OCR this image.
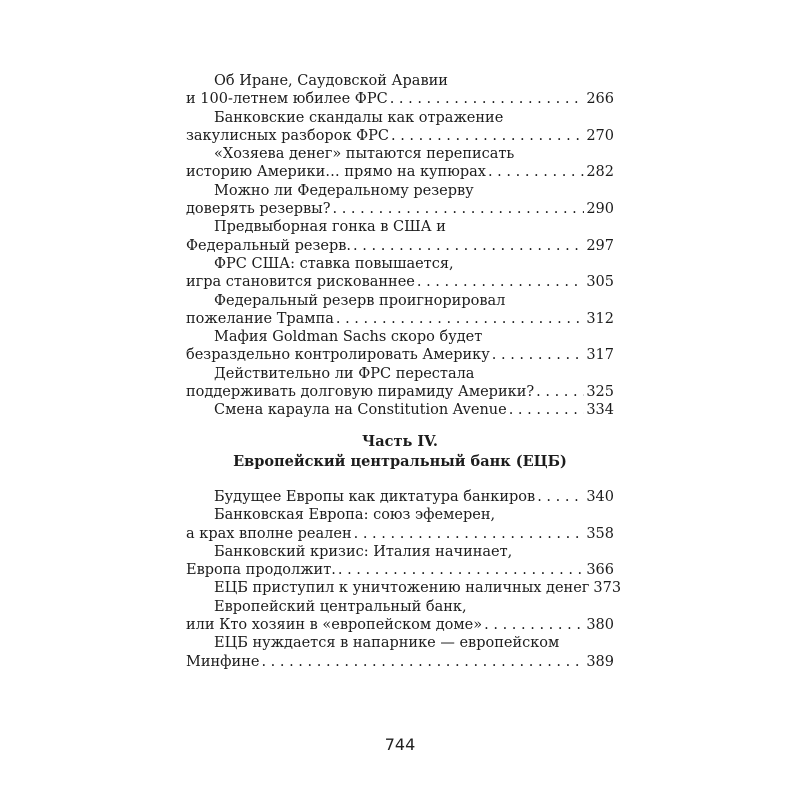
Об Иране, Саудовской Аравии
и 100-летнем юбилее ФРС . . .	266
Банковские скандалы как отражение
закулисных разборок ФРС . . .	270
«Хозяева денег» пытаются переписать
историю Америки… прямо на купюрах . . .	282
Можно ли Федеральному резерву
доверять резервы? . . .	290
Предвыборная гонка в США и
Федеральный резерв. . . .	297
ФРС США: ставка повышается,
игра становится рискованнее . . .	305
Федеральный резерв проигнорировал
пожелание Трампа . . .	312
Мафия Goldman Sachs скоро будет
безраздельно контролировать Америку . . .	317
Действительно ли ФРС перестала
поддерживать долговую пирамиду Америки? . . .	325
Смена караула на Constitution Avenue . . .	334
Часть IV.
Европейский центральный банк (ЕЦБ)
Будущее Европы как диктатура банкиров . . .	340
Банковская Европа: союз эфемерен,
а крах вполне реален . . .	358
Банковский кризис: Италия начинает,
Европа продолжит. . . .	366
ЕЦБ приступил к уничтожению наличных денег 373
Европейский центральный банк,
или Кто хозяин в «европейском доме» . . .	380
ЕЦБ нуждается в напарнике — европейском
Минфине . . .	389
744
